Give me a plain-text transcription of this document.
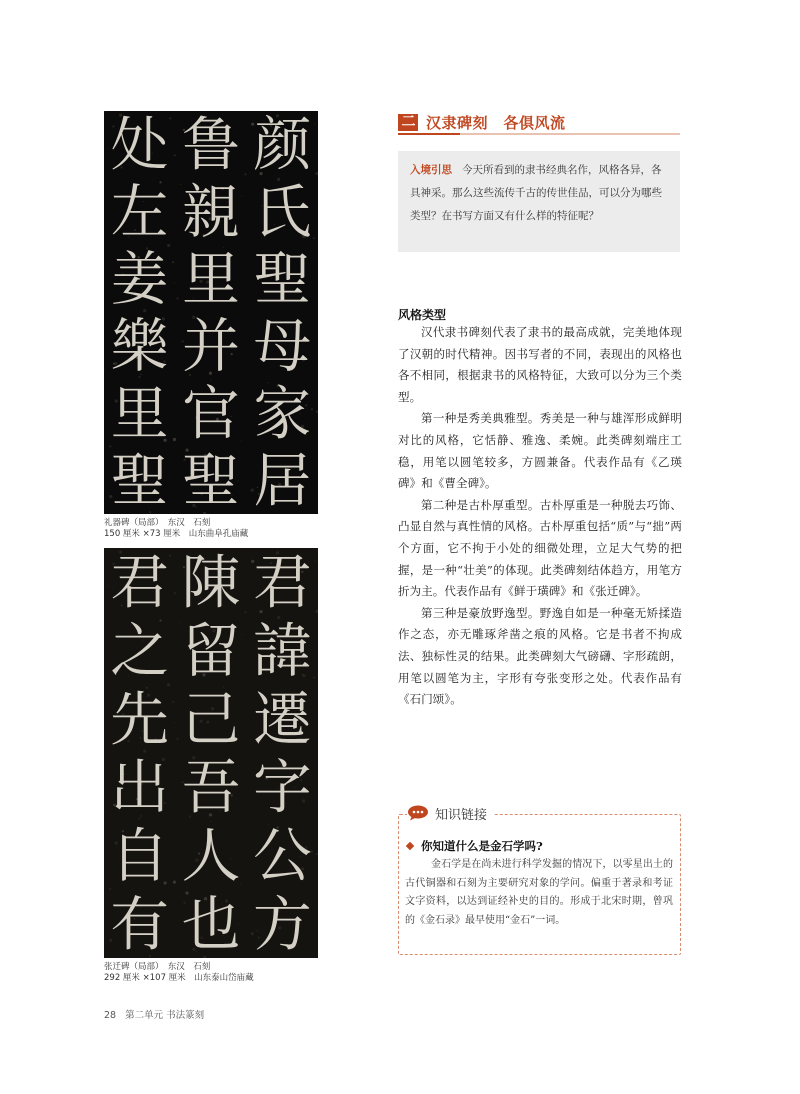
颜
氏
聖
母
家
居
鲁
親
里
并
官
聖
处
左
姜
樂
里
聖
礼器碑（局部）　东汉　石刻
150 厘米 ×73 厘米　山东曲阜孔庙藏
君
諱
遷
字
公
方
陳
留
己
吾
人
也
君
之
先
出
自
有
张迁碑（局部）　东汉　石刻
292 厘米 ×107 厘米　山东泰山岱庙藏
二 汉隶碑刻　各俱风流
入境引思 今天所看到的隶书经典名作，风格各异，各具神采。那么这些流传千古的传世佳品，可以分为哪些类型？在书写方面又有什么样的特征呢？
风格类型

汉代隶书碑刻代表了隶书的最高成就，完美地体现了汉朝的时代精神。因书写者的不同，表现出的风格也各不相同，根据隶书的风格特征，大致可以分为三个类型。

第一种是秀美典雅型。秀美是一种与雄浑形成鲜明对比的风格，它恬静、雅逸、柔婉。此类碑刻端庄工稳，用笔以圆笔较多，方圆兼备。代表作品有《乙瑛碑》和《曹全碑》。

第二种是古朴厚重型。古朴厚重是一种脱去巧饰、凸显自然与真性情的风格。古朴厚重包括“质”与“拙”两个方面，它不拘于小处的细微处理，立足大气势的把握，是一种“壮美”的体现。此类碑刻结体趋方，用笔方折为主。代表作品有《鲜于璜碑》和《张迁碑》。

第三种是豪放野逸型。野逸自如是一种毫无矫揉造作之态，亦无雕琢斧凿之痕的风格。它是书者不拘成法、独标性灵的结果。此类碑刻大气磅礴、字形疏朗，用笔以圆笔为主，字形有夸张变形之处。代表作品有《石门颂》。

知识链接
你知道什么是金石学吗?
金石学是在尚未进行科学发掘的情况下，以零星出土的古代铜器和石刻为主要研究对象的学问。偏重于著录和考证文字资料，以达到证经补史的目的。形成于北宋时期，曾巩的《金石录》最早使用“金石”一词。
28 第二单元 书法篆刻
